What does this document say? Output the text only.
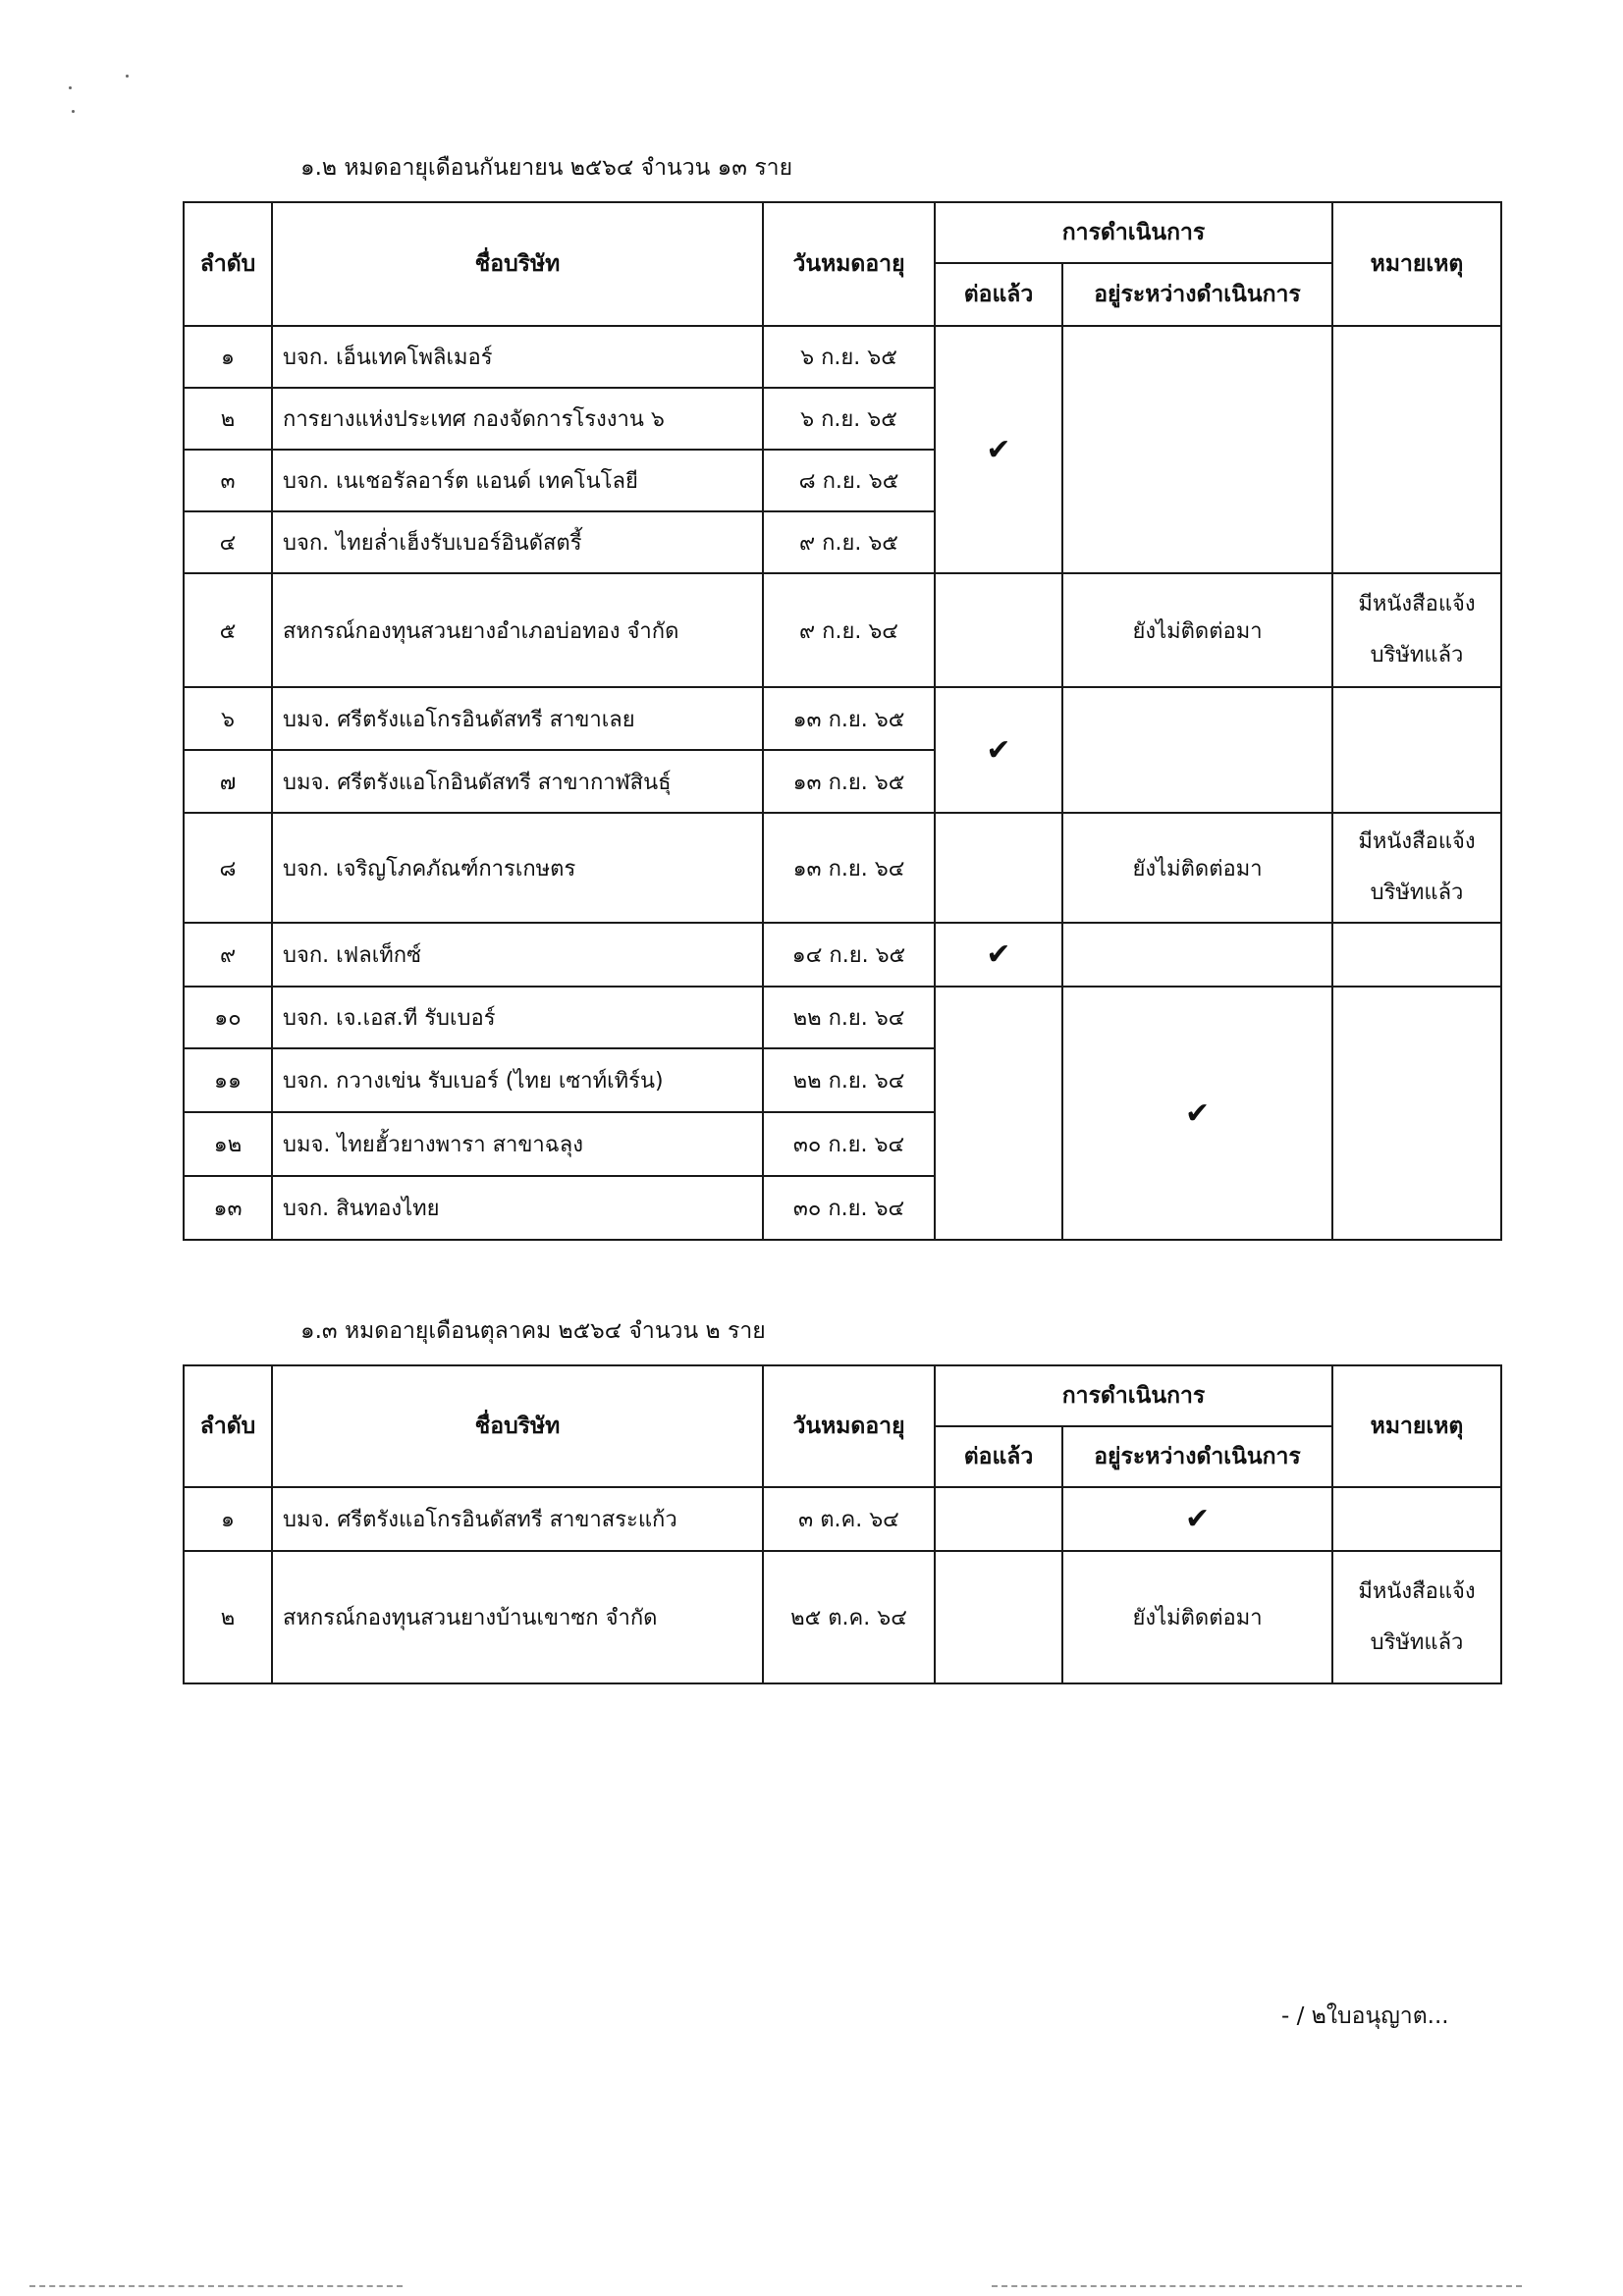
๑.๒ หมดอายุเดือนกันยายน ๒๕๖๔ จำนวน ๑๓ ราย
ลำดับ	ชื่อบริษัท	วันหมดอายุ	การดำเนินการ		หมายเหตุ
			ต่อแล้ว	อยู่ระหว่างดำเนินการ	
๑	บจก. เอ็นเทคโพลิเมอร์	๖ ก.ย. ๖๕	✔		
๒	การยางแห่งประเทศ กองจัดการโรงงาน ๖	๖ ก.ย. ๖๕			
๓	บจก. เนเชอรัลอาร์ต แอนด์ เทคโนโลยี	๘ ก.ย. ๖๕			
๔	บจก. ไทยล่ำเฮ็งรับเบอร์อินดัสตรี้	๙ ก.ย. ๖๕			
๕	สหกรณ์กองทุนสวนยางอำเภอบ่อทอง จำกัด	๙ ก.ย. ๖๔		ยังไม่ติดต่อมา	มีหนังสือแจ้ง บริษัทแล้ว
๖	บมจ. ศรีตรังแอโกรอินดัสทรี สาขาเลย	๑๓ ก.ย. ๖๕	✔		
๗	บมจ. ศรีตรังแอโกอินดัสทรี สาขากาฬสินธุ์	๑๓ ก.ย. ๖๕			
๘	บจก. เจริญโภคภัณฑ์การเกษตร	๑๓ ก.ย. ๖๔		ยังไม่ติดต่อมา	มีหนังสือแจ้ง บริษัทแล้ว
๙	บจก. เฟลเท็กซ์	๑๔ ก.ย. ๖๕	✔		
๑๐	บจก. เจ.เอส.ที รับเบอร์	๒๒ ก.ย. ๖๔		✔	
๑๑	บจก. กวางเข่น รับเบอร์ (ไทย เซาท์เทิร์น)	๒๒ ก.ย. ๖๔			
๑๒	บมจ. ไทยฮั้วยางพารา สาขาฉลุง	๓๐ ก.ย. ๖๔			
๑๓	บจก. สินทองไทย	๓๐ ก.ย. ๖๔			
๑.๓ หมดอายุเดือนตุลาคม ๒๕๖๔ จำนวน ๒ ราย
ลำดับ	ชื่อบริษัท	วันหมดอายุ	การดำเนินการ		หมายเหตุ
			ต่อแล้ว	อยู่ระหว่างดำเนินการ	
๑	บมจ. ศรีตรังแอโกรอินดัสทรี สาขาสระแก้ว	๓ ต.ค. ๖๔		✔	
๒	สหกรณ์กองทุนสวนยางบ้านเขาซก จำกัด	๒๕ ต.ค. ๖๔		ยังไม่ติดต่อมา	มีหนังสือแจ้ง บริษัทแล้ว
- / ๒ใบอนุญาต...
